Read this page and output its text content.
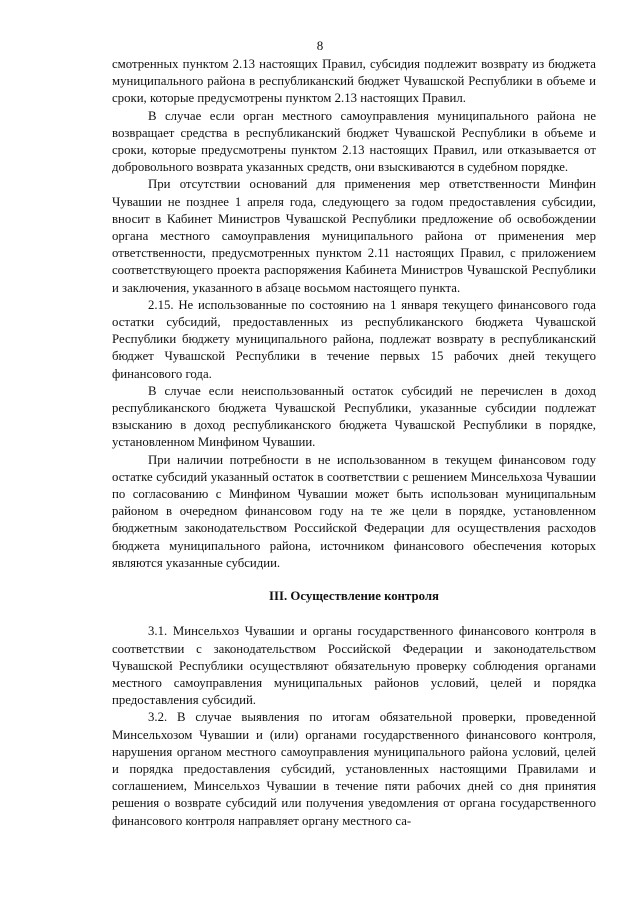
8

смотренных пунктом 2.13 настоящих Правил, субсидия подлежит возврату из бюджета муниципального района в республиканский бюджет Чувашской Республики в объеме и сроки, которые предусмотрены пунктом 2.13 настоящих Правил.

В случае если орган местного самоуправления муниципального района не возвращает средства в республиканский бюджет Чувашской Республики в объеме и сроки, которые предусмотрены пунктом 2.13 настоящих Правил, или отказывается от добровольного возврата указанных средств, они взыскиваются в судебном порядке.

При отсутствии оснований для применения мер ответственности Минфин Чувашии не позднее 1 апреля года, следующего за годом предоставления субсидии, вносит в Кабинет Министров Чувашской Республики предложение об освобождении органа местного самоуправления муниципального района от применения мер ответственности, предусмотренных пунктом 2.11 настоящих Правил, с приложением соответствующего проекта распоряжения Кабинета Министров Чувашской Республики и заключения, указанного в абзаце восьмом настоящего пункта.

2.15. Не использованные по состоянию на 1 января текущего финансового года остатки субсидий, предоставленных из республиканского бюджета Чувашской Республики бюджету муниципального района, подлежат возврату в республиканский бюджет Чувашской Республики в течение первых 15 рабочих дней текущего финансового года.

В случае если неиспользованный остаток субсидий не перечислен в доход республиканского бюджета Чувашской Республики, указанные субсидии подлежат взысканию в доход республиканского бюджета Чувашской Республики в порядке, установленном Минфином Чувашии.

При наличии потребности в не использованном в текущем финансовом году остатке субсидий указанный остаток в соответствии с решением Минсельхоза Чувашии по согласованию с Минфином Чувашии может быть использован муниципальным районом в очередном финансовом году на те же цели в порядке, установленном бюджетным законодательством Российской Федерации для осуществления расходов бюджета муниципального района, источником финансового обеспечения которых являются указанные субсидии.

III. Осуществление контроля

3.1. Минсельхоз Чувашии и органы государственного финансового контроля в соответствии с законодательством Российской Федерации и законодательством Чувашской Республики осуществляют обязательную проверку соблюдения органами местного самоуправления муниципальных районов условий, целей и порядка предоставления субсидий.

3.2. В случае выявления по итогам обязательной проверки, проведенной Минсельхозом Чувашии и (или) органами государственного финансового контроля, нарушения органом местного самоуправления муниципального района условий, целей и порядка предоставления субсидий, установленных настоящими Правилами и соглашением, Минсельхоз Чувашии в течение пяти рабочих дней со дня принятия решения о возврате субсидий или получения уведомления от органа государственного финансового контроля направляет органу местного са-
